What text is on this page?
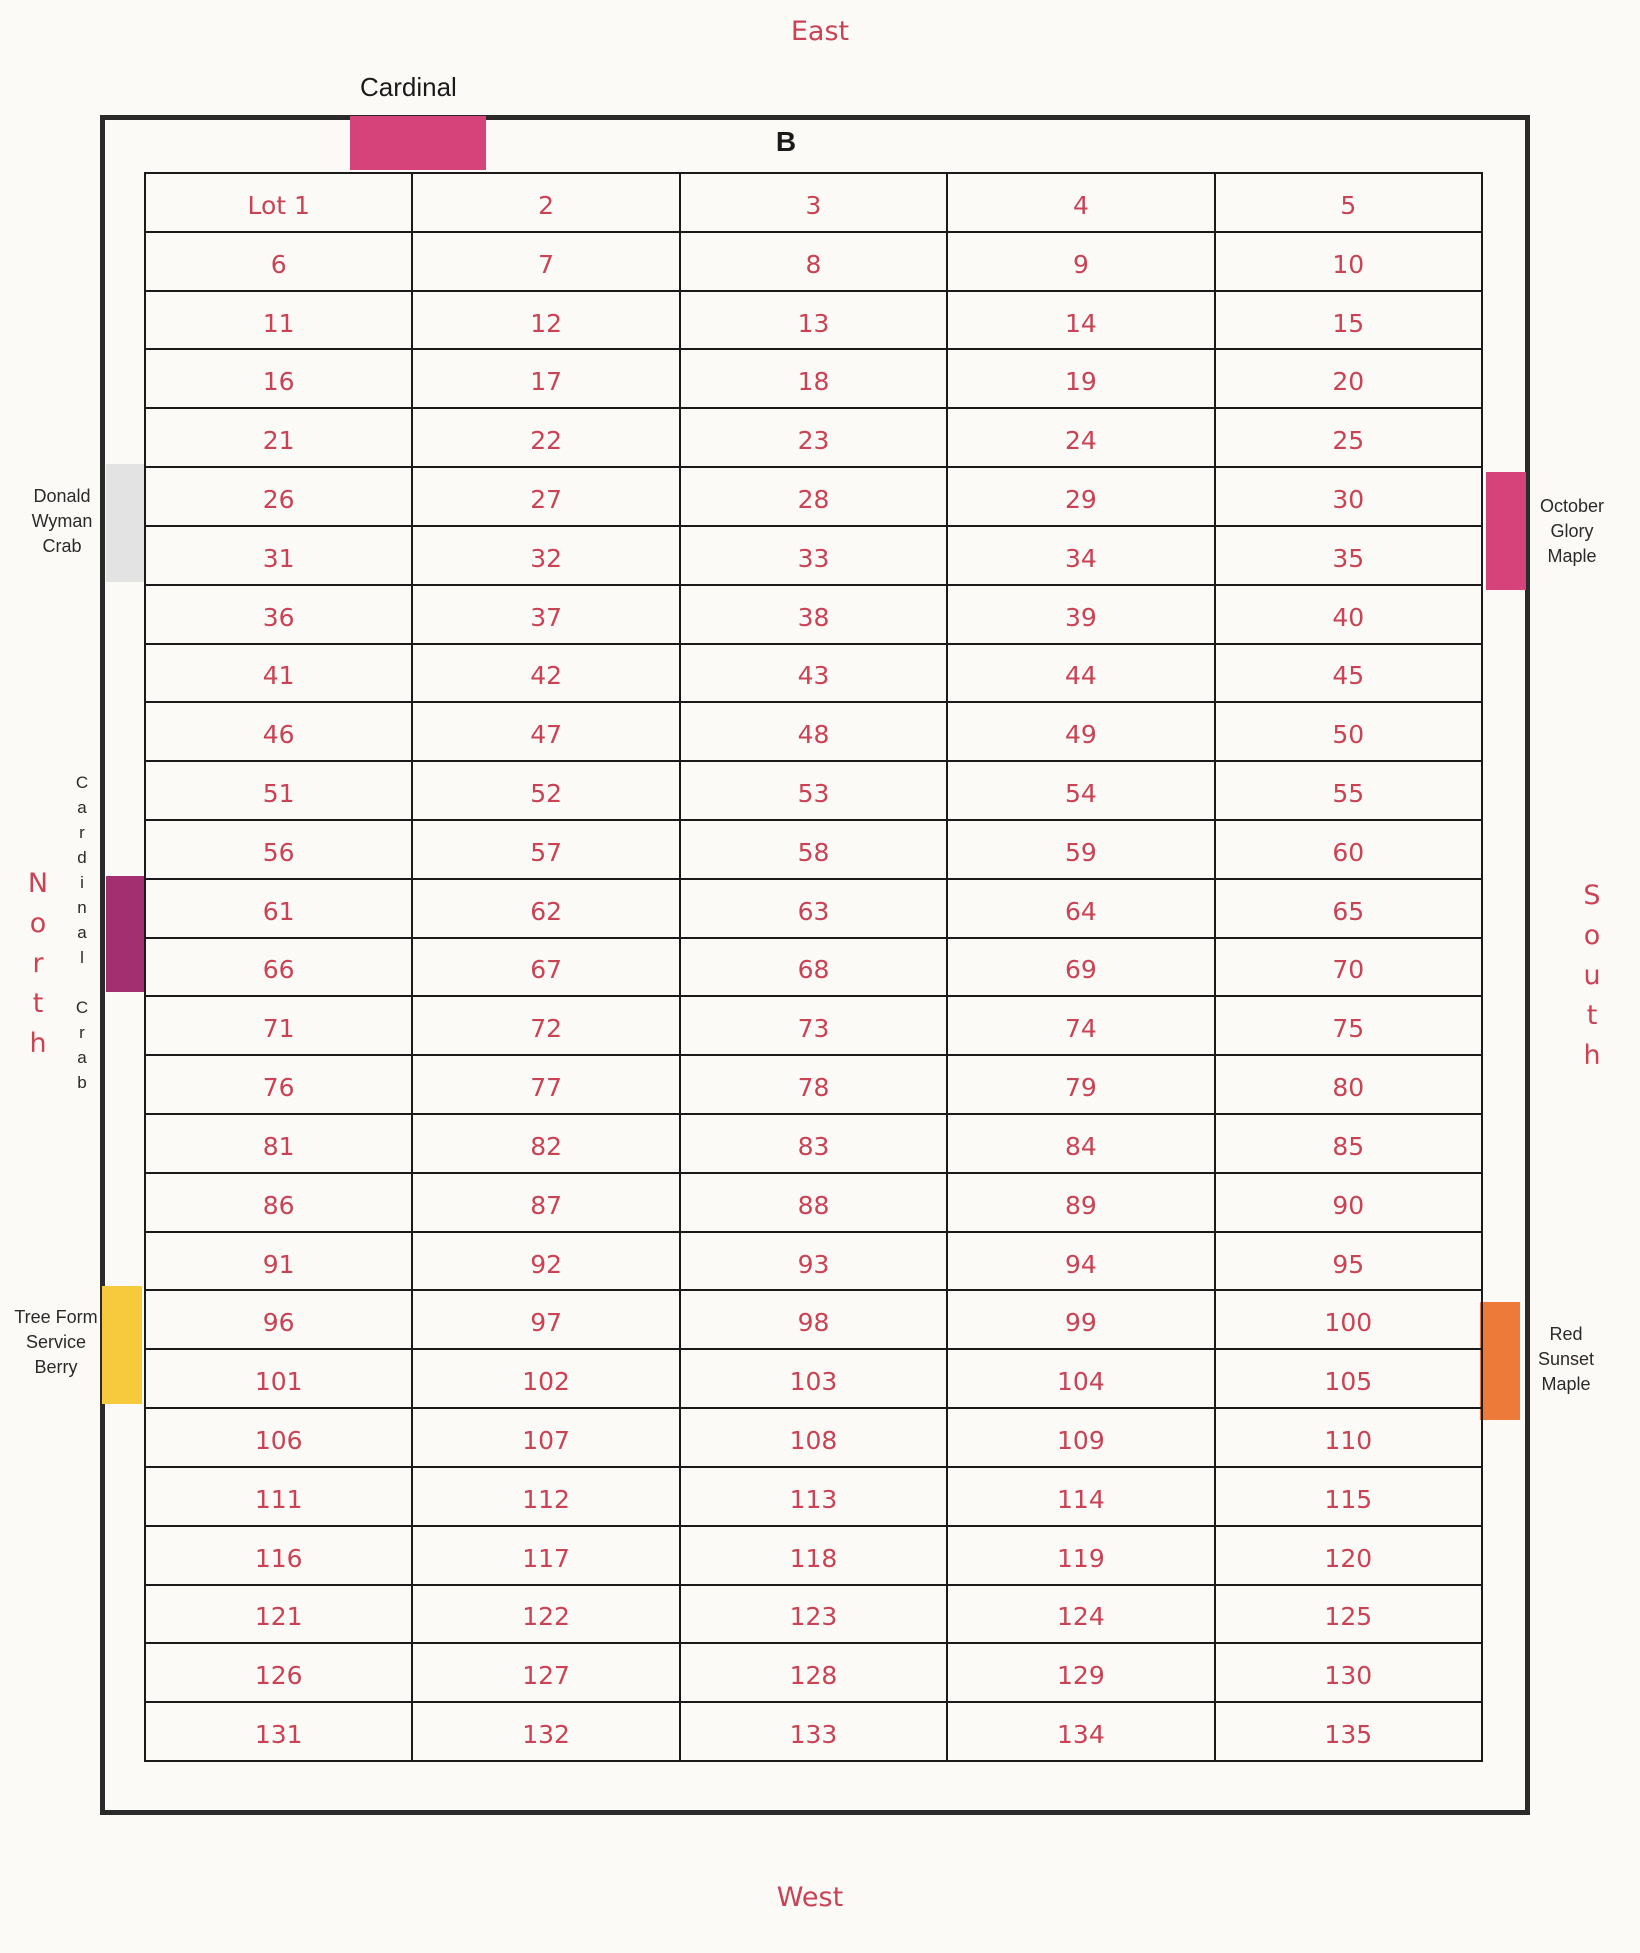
East
West
N
o
r
t
h
S
o
u
t
h
Cardinal
B
Donald
Wyman
Crab
C
a
r
d
i
n
a
l

C
r
a
b
Tree Form
Service
Berry
October
Glory
Maple
Red
Sunset
Maple
Lot 1	2	3	4	5
6	7	8	9	10
11	12	13	14	15
16	17	18	19	20
21	22	23	24	25
26	27	28	29	30
31	32	33	34	35
36	37	38	39	40
41	42	43	44	45
46	47	48	49	50
51	52	53	54	55
56	57	58	59	60
61	62	63	64	65
66	67	68	69	70
71	72	73	74	75
76	77	78	79	80
81	82	83	84	85
86	87	88	89	90
91	92	93	94	95
96	97	98	99	100
101	102	103	104	105
106	107	108	109	110
111	112	113	114	115
116	117	118	119	120
121	122	123	124	125
126	127	128	129	130
131	132	133	134	135
